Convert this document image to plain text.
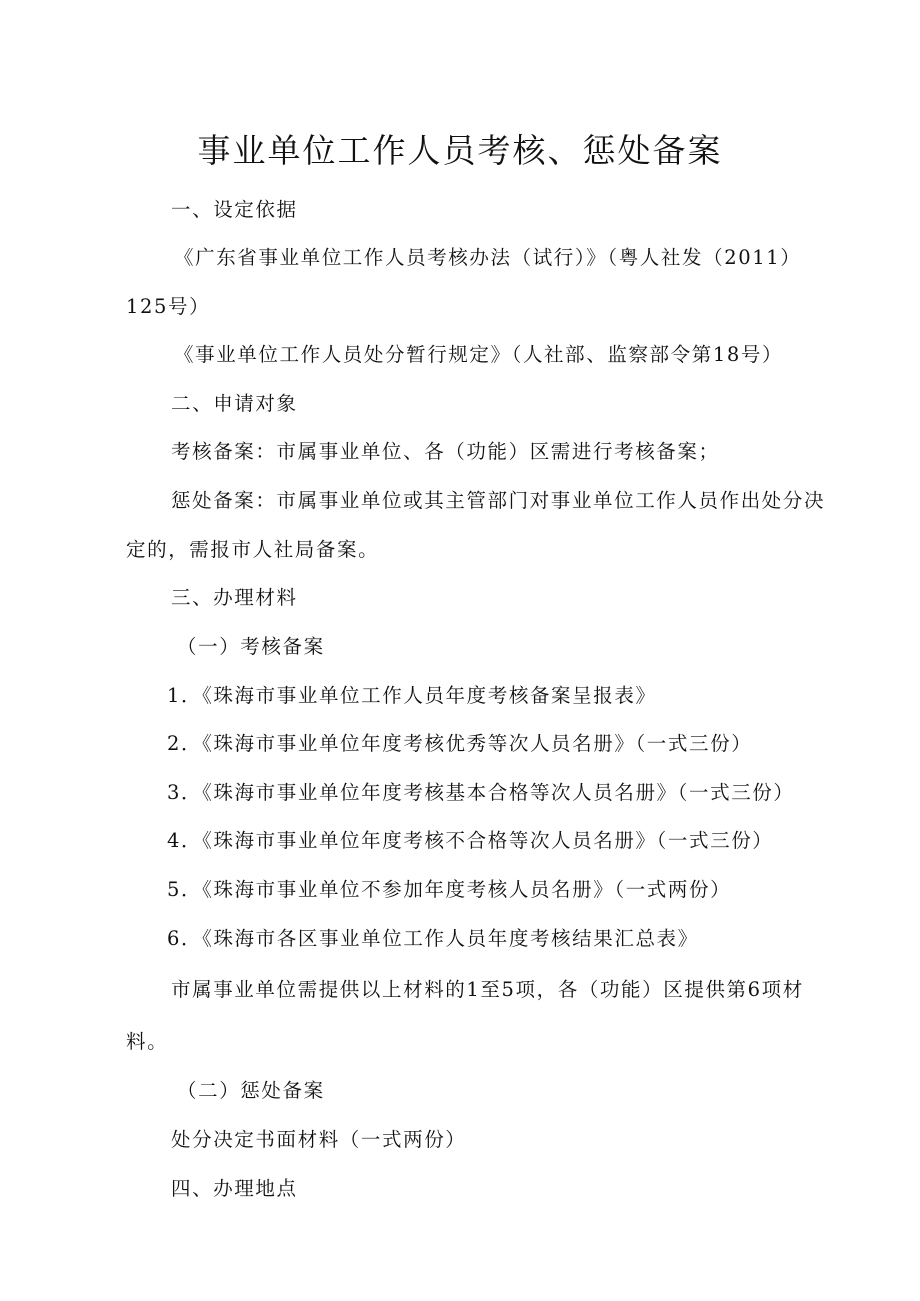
事业单位工作人员考核、惩处备案
一、设定依据
《广东省事业单位工作人员考核办法（试行）》（粤人社发（2011）
125号）
《事业单位工作人员处分暂行规定》（人社部、监察部令第18号）
二、申请对象
考核备案：市属事业单位、各（功能）区需进行考核备案；
惩处备案：市属事业单位或其主管部门对事业单位工作人员作出处分决
定的，需报市人社局备案。
三、办理材料
（一）考核备案
1．《珠海市事业单位工作人员年度考核备案呈报表》
2．《珠海市事业单位年度考核优秀等次人员名册》（一式三份）
3．《珠海市事业单位年度考核基本合格等次人员名册》（一式三份）
4．《珠海市事业单位年度考核不合格等次人员名册》（一式三份）
5．《珠海市事业单位不参加年度考核人员名册》（一式两份）
6．《珠海市各区事业单位工作人员年度考核结果汇总表》
市属事业单位需提供以上材料的1至5项，各（功能）区提供第6项材
料。
（二）惩处备案
处分决定书面材料（一式两份）
四、办理地点
